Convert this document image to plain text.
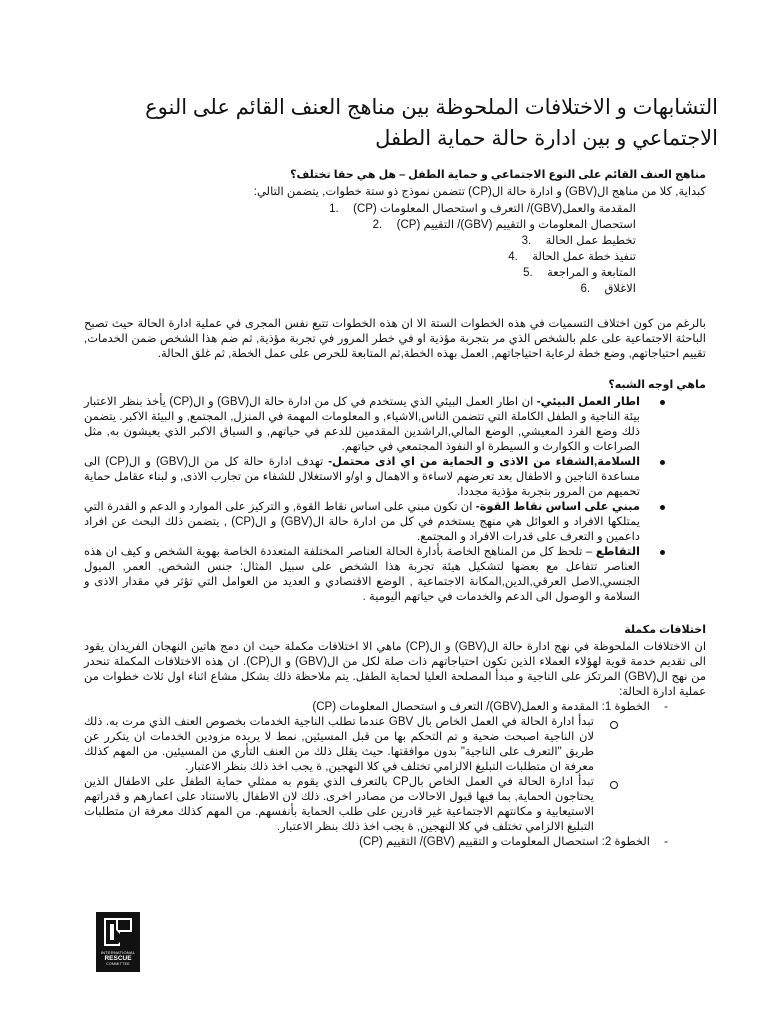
التشابهات و الاختلافات الملحوظة بين مناهج العنف القائم على النوع
الاجتماعي و بين ادارة حالة حماية الطفل
مناهج العنف القائم على النوع الاجتماعي و حماية الطفل – هل هي حقا تختلف؟

كبداية, كلا من مناهج ال(GBV) و ادارة حالة ال(CP) تتضمن نموذج ذو ستة خطوات, يتضمن التالي:

المقدمة والعمل(GBV)/ التعرف و استحصال المعلومات (CP)
1.
استحصال المعلومات و التقييم (GBV)/ التقييم (CP)
2.
تخطيط عمل الحالة
3.
تنفيذ خطة عمل الحالة
4.
المتابعة و المراجعة
5.
الاغلاق
6.

بالرغم من كون اختلاف التسميات في هذه الخطوات الستة الا ان هذه الخطوات تتبع نفس المجرى في عملية ادارة الحالة حيث تصبح الباحثة الاجتماعية على علم بالشخص الذي مر بتجربة مؤذية او في خطر المرور في تجربة مؤذية, ثم ضم هذا الشخص ضمن الخدمات, تقييم احتياجاتهم, وضع خطة لرعاية احتياجاتهم, العمل بهذه الخطة,ثم المتابعة للحرص على عمل الخطة, ثم غلق الحالة.

ماهي اوجه الشبه؟
اطار العمل البيئي- ان اطار العمل البيئي الذي يستخدم في كل من ادارة حالة ال(GBV) و ال(CP) يأخذ بنظر الاعتبار بيئة الناجية و الطفل الكاملة التي تتضمن الناس,الاشياء, و المعلومات المهمة في المنزل, المجتمع, و البيئة الاكبر. يتضمن ذلك وضع الفرد المعيشي, الوضع المالي,الراشدين المقدمين للدعم في حياتهم, و السياق الاكبر الذي يعيشون به, مثل الصراعات و الكوارث و السيطرة او النفوذ المجتمعي في حياتهم.
السلامة,الشفاء من الاذى و الحماية من اي اذى محتمل- تهدف ادارة حالة كل من ال(GBV) و ال(CP) الى مساعدة الناجين و الاطفال بعد تعرضهم لاساءة و الاهمال و او/و الاستغلال للشفاء من تجارب الاذى, و لبناء عقامل حماية تحميهم من المرور بتجربة مؤذية مجددا.
مبني على اساس نقاط القوة- ان تكون مبني على اساس نقاط القوة, و التركيز على الموارد و الدعم و القدرة التي يمتلكها الافراد و العوائل هي منهج يستخدم في كل من ادارة حالة ال(GBV) و ال(CP) , يتضمن ذلك البحث عن افراد داعمين و التعرف على قدرات الافراد و المجتمع.
التقاطع – تلحظ كل من المناهج الخاصة بأدارة الحالة العناصر المختلفة المتعددة الخاصة بهوية الشخص و كيف ان هذه العناصر تتفاعل مع بعضها لتشكيل هيئة تجربة هذا الشخص على سبيل المثال: جنس الشخص, العمر, الميول الجنسي,الاصل العرقي,الدين,المكانة الاجتماعية , الوضع الاقتصادي و العديد من العوامل التي تؤثر في مقدار الاذى و السلامة و الوصول الى الدعم والخدمات في حياتهم اليومية .
اختلافات مكملة

ان الاختلافات الملحوظة في نهج ادارة حالة ال(GBV) و ال(CP) ماهي الا اختلافات مكملة حيث ان دمج هاتين النهجان الفريدان يقود الى تقديم خدمة قوية لهؤلاء العملاء الذين تكون احتياجاتهم ذات صلة لكل من ال(GBV) و ال(CP). ان هذه الاختلافات المكملة تنحدر من نهج ال(GBV) المرتكز على الناجية و مبدأ المصلحة العليا لحماية الطفل. يتم ملاحظة ذلك بشكل مشاع اثناء اول ثلاث خطوات من عملية ادارة الحالة:

-
الخطوة 1: المقدمة و العمل(GBV)/ التعرف و استحصال المعلومات (CP)
تبدأ ادارة الحالة في العمل الخاص بال GBV عندما تطلب الناجية الخدمات بخصوص العنف الذي مرت به. ذلك لان الناجية اصبحت ضحية و تم التحكم بها من قبل المسيئين, نمط لا يريده مزودين الخدمات ان يتكرر عن طريق "التعرف على الناجية" بدون موافقتها. حيث يقلل ذلك من العنف التأري من المسيئين. من المهم كذلك معرفة ان متطلبات التبليغ الالزامي تختلف في كلا النهجين, ة يجب اخذ ذلك بنظر الاعتبار.
تبدأ ادارة الحالة في العمل الخاص بالCP بالتعرف الذي يقوم به ممثلي حماية الطفل على الاطفال الذين يحتاجون الحماية, بما فيها قبول الاحالات من مصادر اخرى. ذلك لان الاطفال بالاستناد على اعمارهم و قدراتهم الاستيعابية و مكانتهم الاجتماعية غير قادرين على طلب الحماية بأنفسهم. من المهم كذلك معرفة ان متطلبات التبليغ الالزامي تختلف في كلا النهجين, ة يجب اخذ ذلك بنظر الاعتبار.
-
الخطوة 2: استحصال المعلومات و التقييم (GBV)/ التقييم (CP)
INTERNATIONAL
RESCUE
COMMITTEE
